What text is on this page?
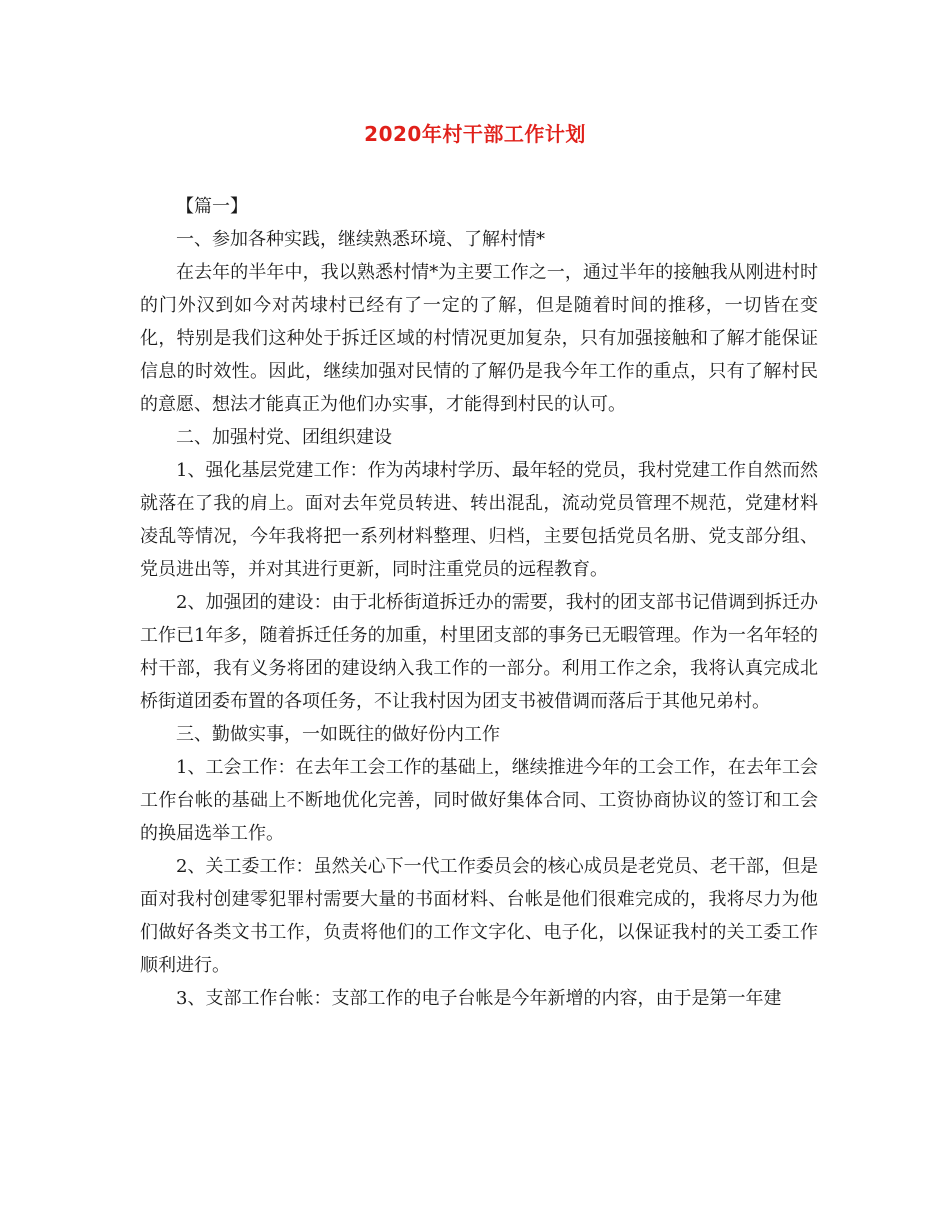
2020年村干部工作计划

【篇一】

一、参加各种实践，继续熟悉环境、了解村情*

在去年的半年中，我以熟悉村情*为主要工作之一，通过半年的接触我从刚进村时的门外汉到如今对芮埭村已经有了一定的了解，但是随着时间的推移，一切皆在变化，特别是我们这种处于拆迁区域的村情况更加复杂，只有加强接触和了解才能保证信息的时效性。因此，继续加强对民情的了解仍是我今年工作的重点，只有了解村民的意愿、想法才能真正为他们办实事，才能得到村民的认可。

二、加强村党、团组织建设

1、强化基层党建工作：作为芮埭村学历、最年轻的党员，我村党建工作自然而然就落在了我的肩上。面对去年党员转进、转出混乱，流动党员管理不规范，党建材料凌乱等情况，今年我将把一系列材料整理、归档，主要包括党员名册、党支部分组、党员进出等，并对其进行更新，同时注重党员的远程教育。

2、加强团的建设：由于北桥街道拆迁办的需要，我村的团支部书记借调到拆迁办工作已1年多，随着拆迁任务的加重，村里团支部的事务已无暇管理。作为一名年轻的村干部，我有义务将团的建设纳入我工作的一部分。利用工作之余，我将认真完成北桥街道团委布置的各项任务，不让我村因为团支书被借调而落后于其他兄弟村。

三、勤做实事，一如既往的做好份内工作

1、工会工作：在去年工会工作的基础上，继续推进今年的工会工作，在去年工会工作台帐的基础上不断地优化完善，同时做好集体合同、工资协商协议的签订和工会的换届选举工作。

2、关工委工作：虽然关心下一代工作委员会的核心成员是老党员、老干部，但是面对我村创建零犯罪村需要大量的书面材料、台帐是他们很难完成的，我将尽力为他们做好各类文书工作，负责将他们的工作文字化、电子化，以保证我村的关工委工作顺利进行。

3、支部工作台帐：支部工作的电子台帐是今年新增的内容，由于是第一年建
